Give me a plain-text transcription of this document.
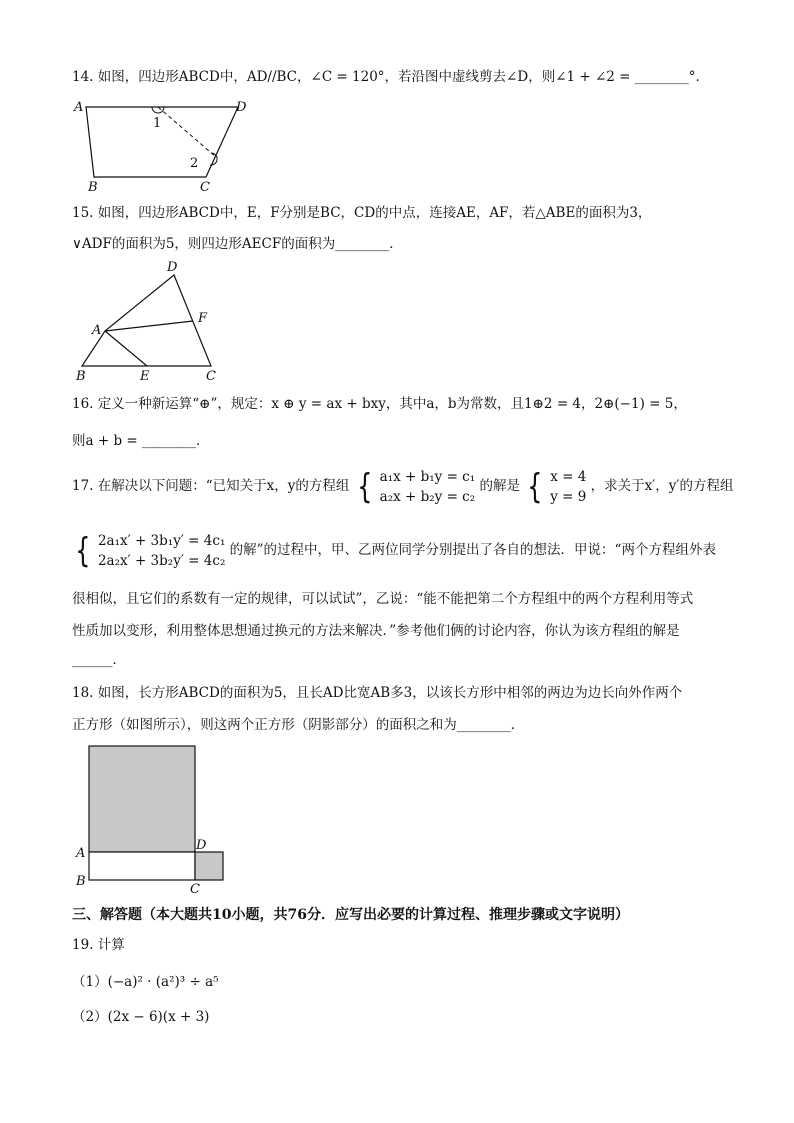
14. 如图，四边形ABCD中，AD//BC，∠C = 120°，若沿图中虚线剪去∠D，则∠1 + ∠2 = ________°．
A	D
B	C
1
2
15. 如图，四边形ABCD中，E，F分别是BC，CD的中点，连接AE，AF，若△ABE的面积为3，
∨ADF的面积为5，则四边形AECF的面积为________．
D
F
A
B	E	C
16. 定义一种新运算“⊕”，规定：x ⊕ y = ax + bxy，其中a，b为常数，且1⊕2 = 4，2⊕(−1) = 5，
则a + b = ________．
17. 在解决以下问题：“已知关于x，y的方程组 { a₁x + b₁y = c₁
a₂x + b₂y = c₂ 的解是 { x = 4
y = 9 ，求关于x′，y′的方程组
{ 2a₁x′ + 3b₁y′ = 4c₁
2a₂x′ + 3b₂y′ = 4c₂ 的解”的过程中，甲、乙两位同学分别提出了各自的想法．甲说：“两个方程组外表
很相似，且它们的系数有一定的规律，可以试试”，乙说：“能不能把第二个方程组中的两个方程利用等式
性质加以变形，利用整体思想通过换元的方法来解决．”参考他们俩的讨论内容，你认为该方程组的解是
______．
18. 如图，长方形ABCD的面积为5，且长AD比宽AB多3，以该长方形中相邻的两边为边长向外作两个
正方形（如图所示），则这两个正方形（阴影部分）的面积之和为________．
A
B
D
C
三、解答题（本大题共10小题，共76分．应写出必要的计算过程、推理步骤或文字说明）
19. 计算
（1）(−a)² · (a²)³ ÷ a⁵
（2）(2x − 6)(x + 3)
